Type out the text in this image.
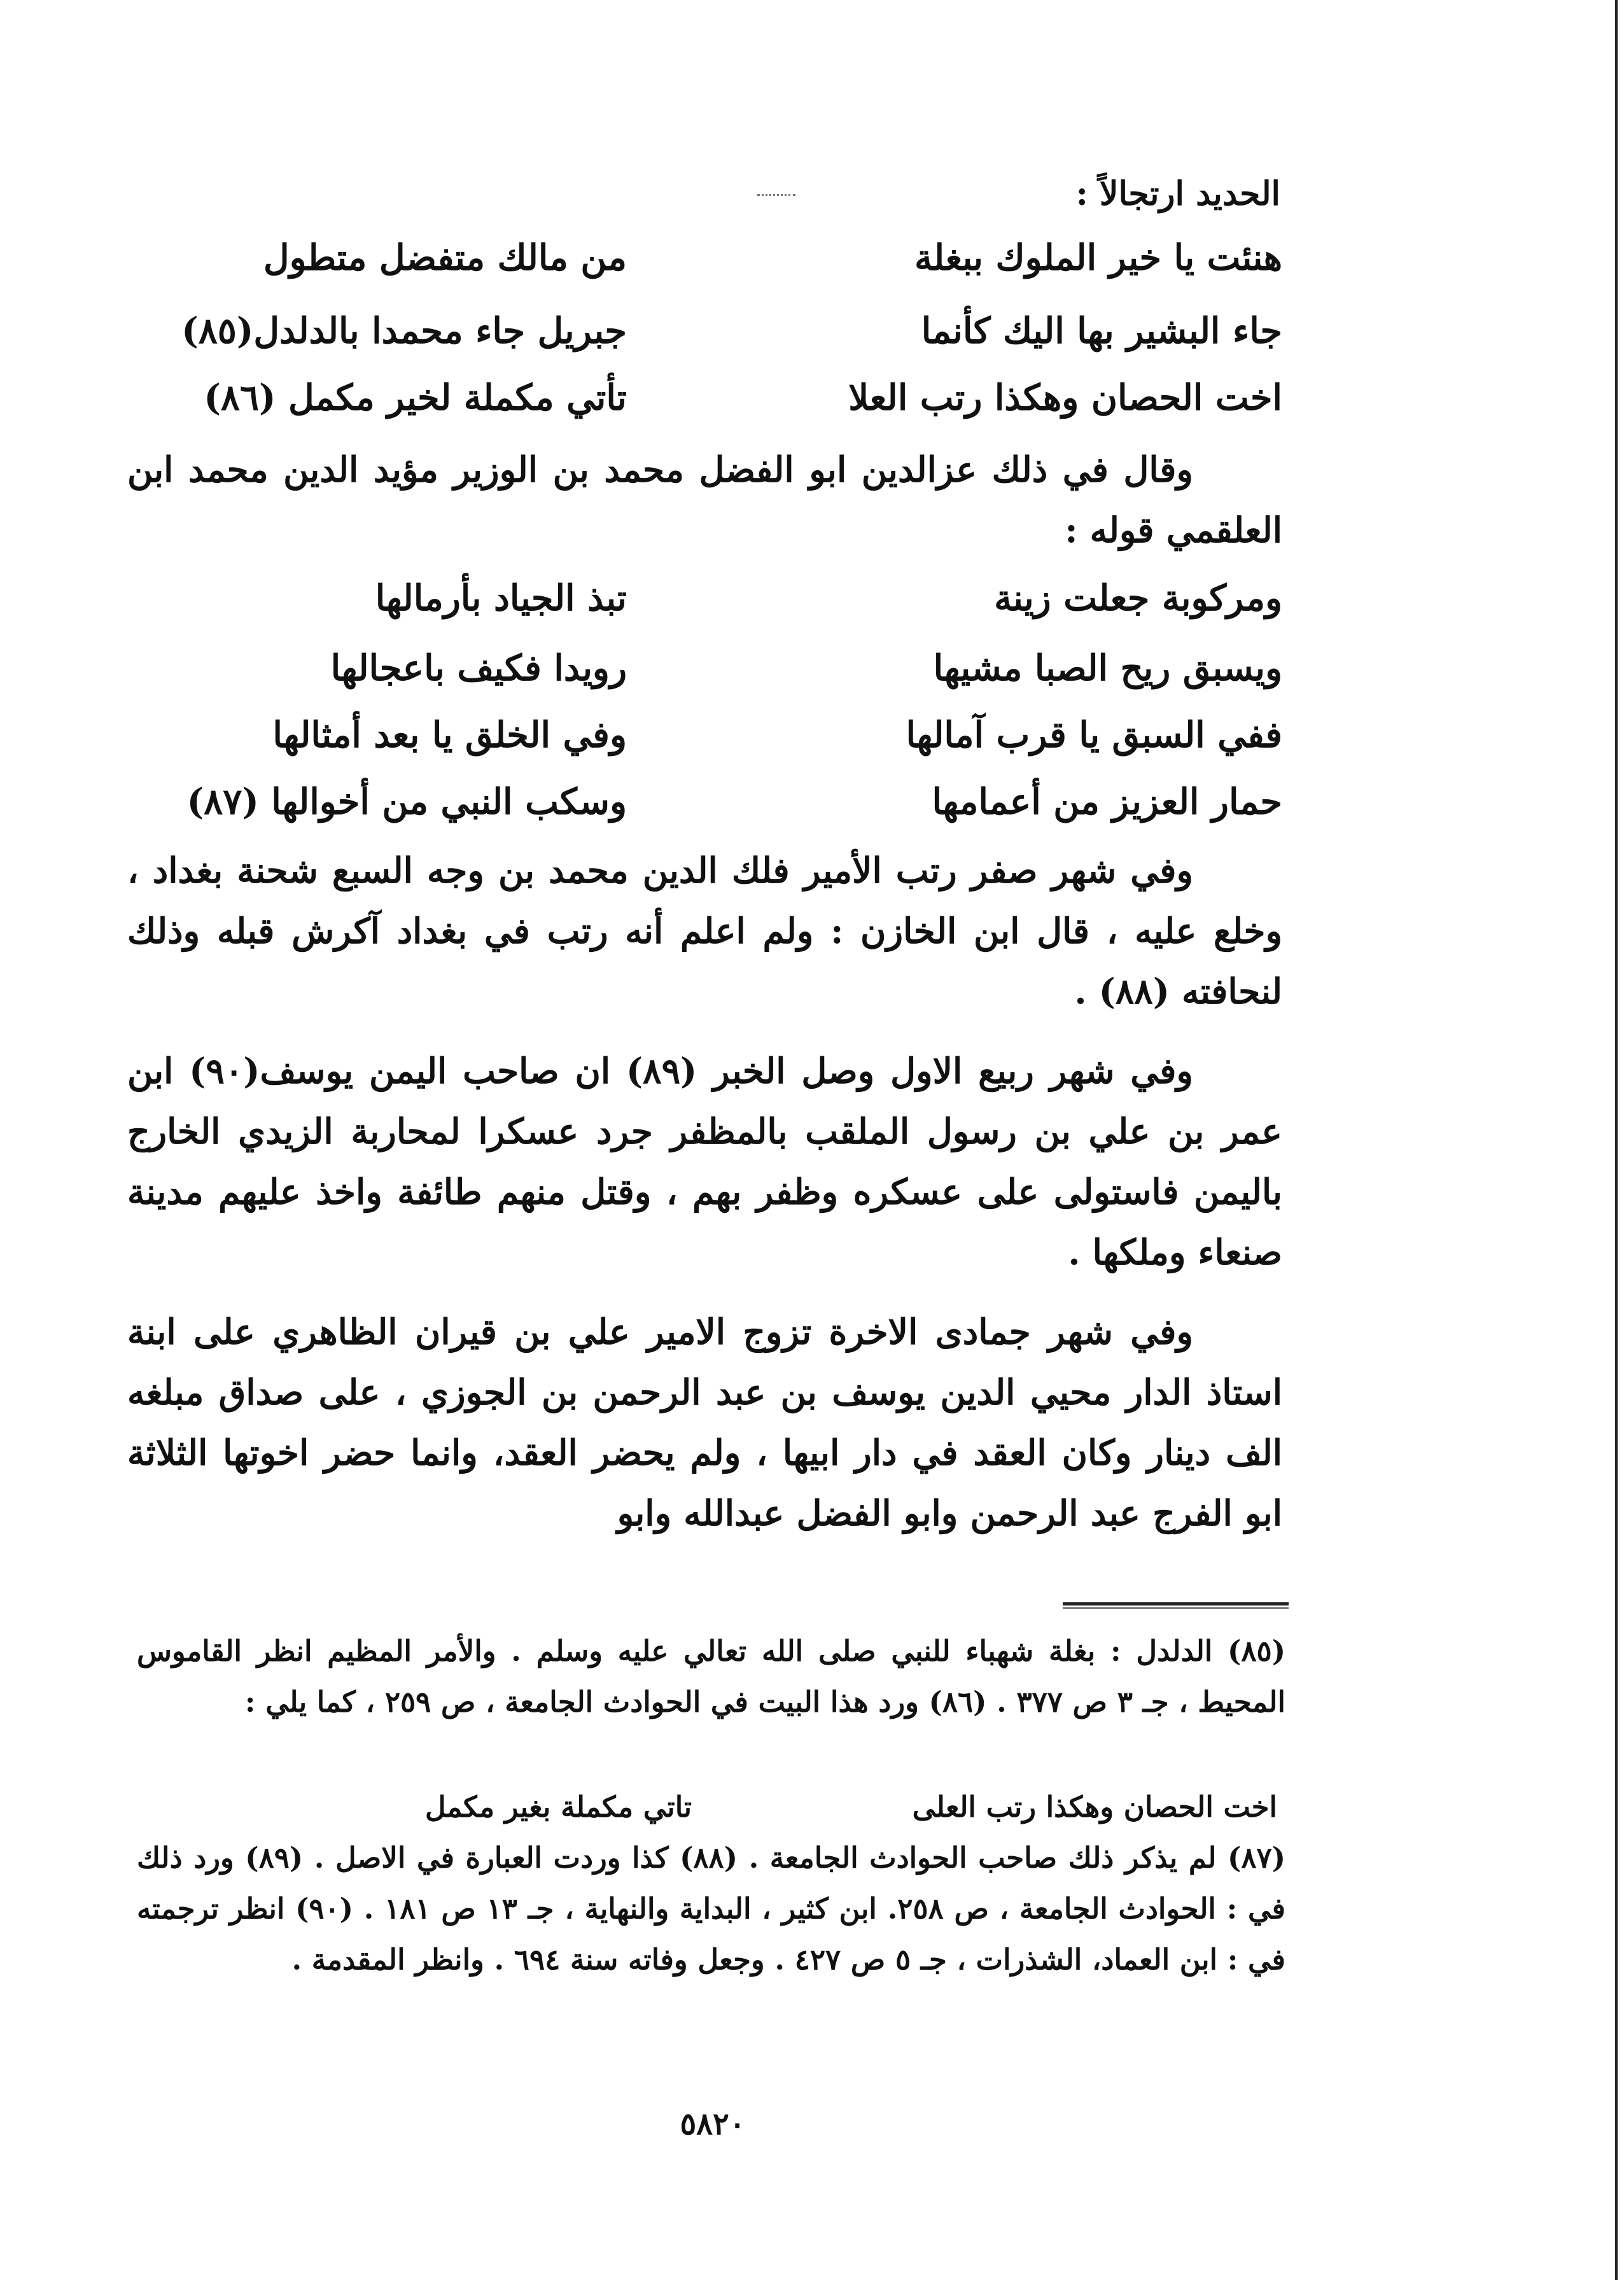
الحديد ارتجالاً :
هنئت يا خير الملوك ببغلة
من مالك متفضل متطول
جاء البشير بها اليك كأنما
جبريل جاء محمدا بالدلدل(٨٥)
اخت الحصان وهكذا رتب العلا
تأتي مكملة لخير مكمل (٨٦)
وقال في ذلك عزالدين ابو الفضل محمد بن الوزير مؤيد الدين محمد ابن العلقمي قوله :
ومركوبة جعلت زينة
تبذ الجياد بأرمالها
ويسبق ريح الصبا مشيها
رويدا فكيف باعجالها
ففي السبق يا قرب آمالها
وفي الخلق يا بعد أمثالها
حمار العزيز من أعمامها
وسكب النبي من أخوالها (٨٧)
وفي شهر صفر رتب الأمير فلك الدين محمد بن وجه السبع شحنة بغداد ، وخلع عليه ، قال ابن الخازن : ولم اعلم أنه رتب في بغداد آكرش قبله وذلك لنحافته (٨٨) .
وفي شهر ربيع الاول وصل الخبر (٨٩) ان صاحب اليمن يوسف(٩٠) ابن عمر بن علي بن رسول الملقب بالمظفر جرد عسكرا لمحاربة الزيدي الخارج باليمن فاستولى على عسكره وظفر بهم ، وقتل منهم طائفة واخذ عليهم مدينة صنعاء وملكها .
وفي شهر جمادى الاخرة تزوج الامير علي بن قيران الظاهري على ابنة استاذ الدار محيي الدين يوسف بن عبد الرحمن بن الجوزي ، على صداق مبلغه الف دينار وكان العقد في دار ابيها ، ولم يحضر العقد، وانما حضر اخوتها الثلاثة ابو الفرج عبد الرحمن وابو الفضل عبدالله وابو
(٨٥) الدلدل : بغلة شهباء للنبي صلى الله تعالي عليه وسلم . والأمر المظيم انظر القاموس المحيط ، جـ ٣ ص ٣٧٧ . (٨٦) ورد هذا البيت في الحوادث الجامعة ، ص ٢٥٩ ، كما يلي :
اخت الحصان وهكذا رتب العلى
تاتي مكملة بغير مكمل
(٨٧) لم يذكر ذلك صاحب الحوادث الجامعة . (٨٨) كذا وردت العبارة في الاصل . (٨٩) ورد ذلك في : الحوادث الجامعة ، ص ٢٥٨. ابن كثير ، البداية والنهاية ، جـ ١٣ ص ١٨١ . (٩٠) انظر ترجمته في : ابن العماد، الشذرات ، جـ ٥ ص ٤٢٧ . وجعل وفاته سنة ٦٩٤ . وانظر المقدمة .
٥٨٢٠
